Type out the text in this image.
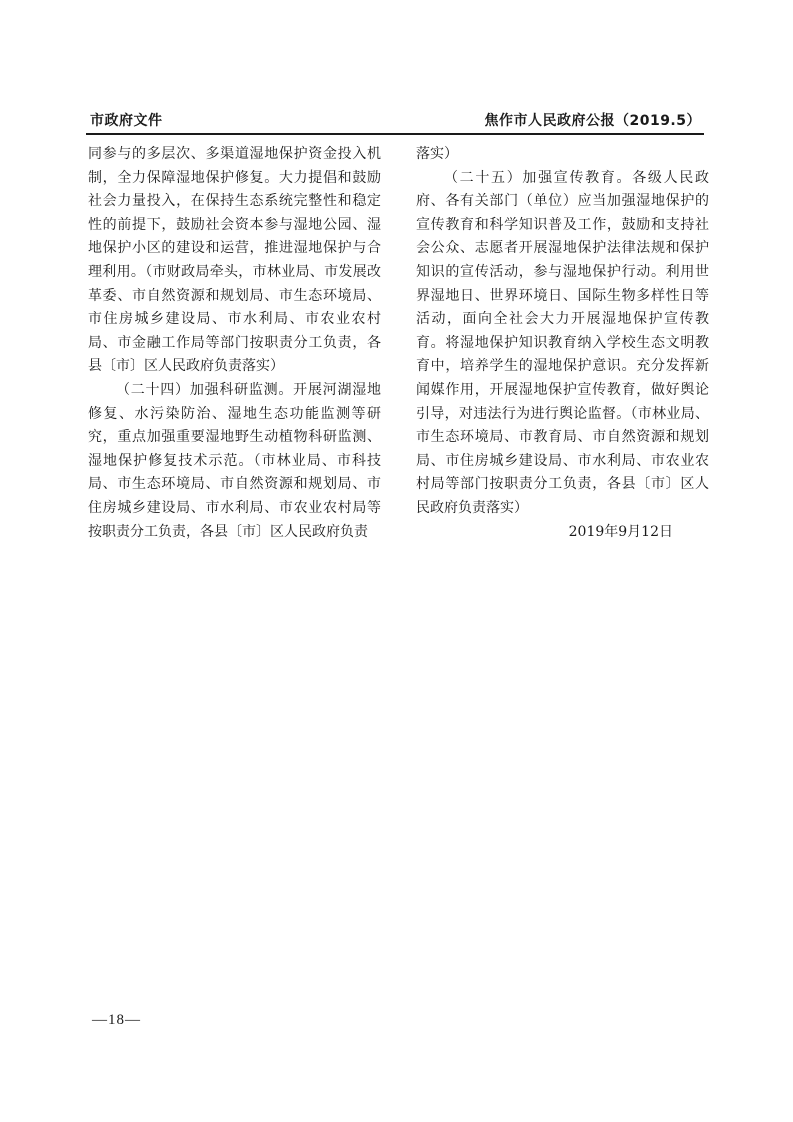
市政府文件	焦作市人民政府公报（2019.5）

同参与的多层次、多渠道湿地保护资金投入机制，全力保障湿地保护修复。大力提倡和鼓励社会力量投入，在保持生态系统完整性和稳定性的前提下，鼓励社会资本参与湿地公园、湿地保护小区的建设和运营，推进湿地保护与合理利用。（市财政局牵头，市林业局、市发展改革委、市自然资源和规划局、市生态环境局、市住房城乡建设局、市水利局、市农业农村局、市金融工作局等部门按职责分工负责，各县〔市〕区人民政府负责落实）

（二十四）加强科研监测。开展河湖湿地修复、水污染防治、湿地生态功能监测等研究，重点加强重要湿地野生动植物科研监测、湿地保护修复技术示范。（市林业局、市科技局、市生态环境局、市自然资源和规划局、市住房城乡建设局、市水利局、市农业农村局等按职责分工负责，各县〔市〕区人民政府负责

落实）

（二十五）加强宣传教育。各级人民政府、各有关部门（单位）应当加强湿地保护的宣传教育和科学知识普及工作，鼓励和支持社会公众、志愿者开展湿地保护法律法规和保护知识的宣传活动，参与湿地保护行动。利用世界湿地日、世界环境日、国际生物多样性日等活动，面向全社会大力开展湿地保护宣传教育。将湿地保护知识教育纳入学校生态文明教育中，培养学生的湿地保护意识。充分发挥新闻媒作用，开展湿地保护宣传教育，做好舆论引导，对违法行为进行舆论监督。（市林业局、市生态环境局、市教育局、市自然资源和规划局、市住房城乡建设局、市水利局、市农业农村局等部门按职责分工负责，各县〔市〕区人民政府负责落实）

2019年9月12日

—18—
